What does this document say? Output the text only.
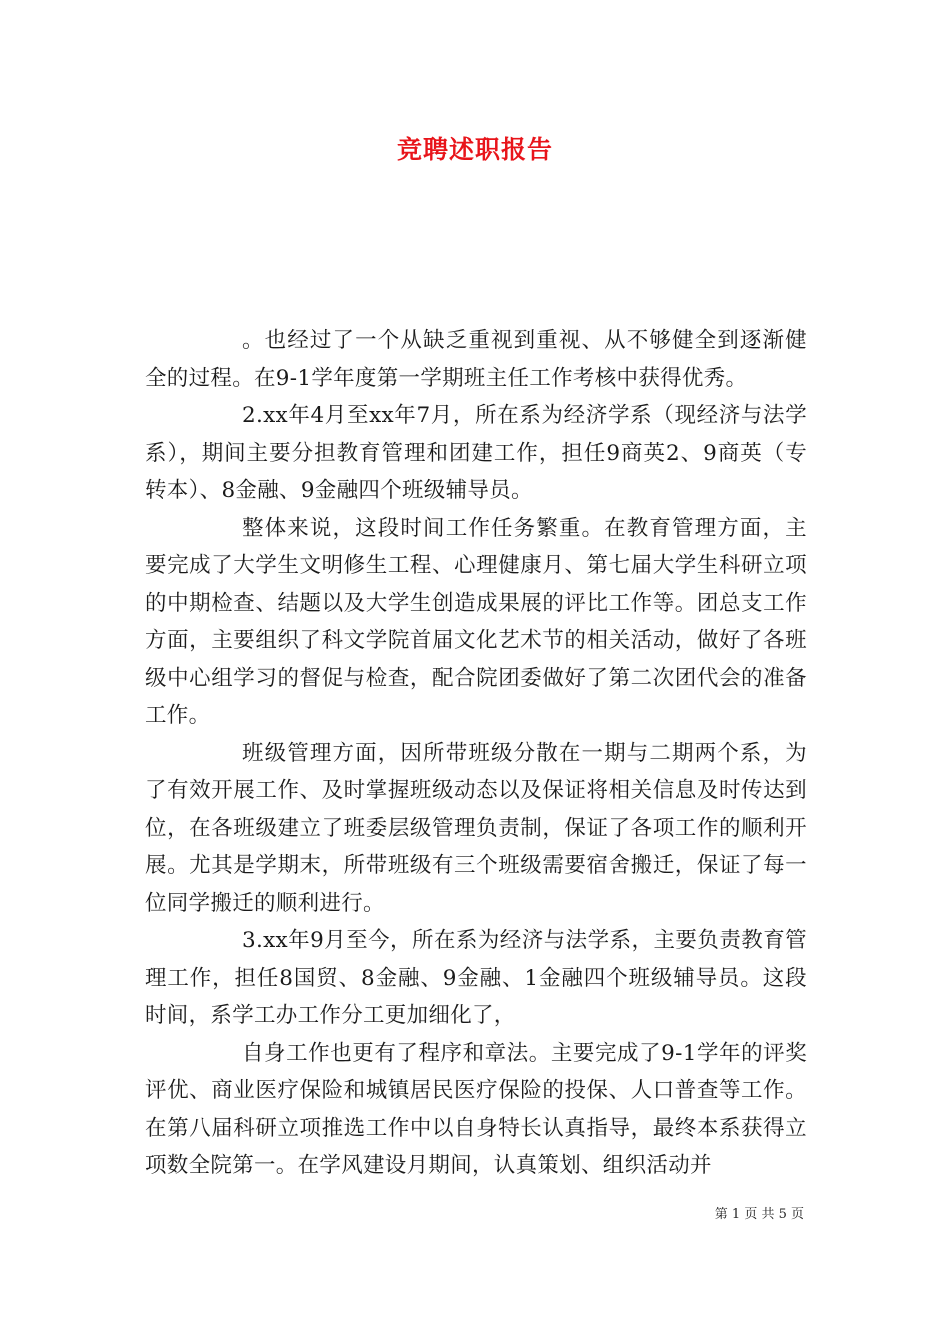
竞聘述职报告

。也经过了一个从缺乏重视到重视、从不够健全到逐渐健全的过程。在9-1学年度第一学期班主任工作考核中获得优秀。

2.xx年4月至xx年7月，所在系为经济学系（现经济与法学系），期间主要分担教育管理和团建工作，担任9商英2、9商英（专转本）、8金融、9金融四个班级辅导员。

整体来说，这段时间工作任务繁重。在教育管理方面，主要完成了大学生文明修生工程、心理健康月、第七届大学生科研立项的中期检查、结题以及大学生创造成果展的评比工作等。团总支工作方面，主要组织了科文学院首届文化艺术节的相关活动，做好了各班级中心组学习的督促与检查，配合院团委做好了第二次团代会的准备工作。

班级管理方面，因所带班级分散在一期与二期两个系，为了有效开展工作、及时掌握班级动态以及保证将相关信息及时传达到位，在各班级建立了班委层级管理负责制，保证了各项工作的顺利开展。尤其是学期末，所带班级有三个班级需要宿舍搬迁，保证了每一位同学搬迁的顺利进行。

3.xx年9月至今，所在系为经济与法学系，主要负责教育管理工作，担任8国贸、8金融、9金融、1金融四个班级辅导员。这段时间，系学工办工作分工更加细化了，

自身工作也更有了程序和章法。主要完成了9-1学年的评奖评优、商业医疗保险和城镇居民医疗保险的投保、人口普查等工作。在第八届科研立项推选工作中以自身特长认真指导，最终本系获得立项数全院第一。在学风建设月期间，认真策划、组织活动并

第 1 页 共 5 页
